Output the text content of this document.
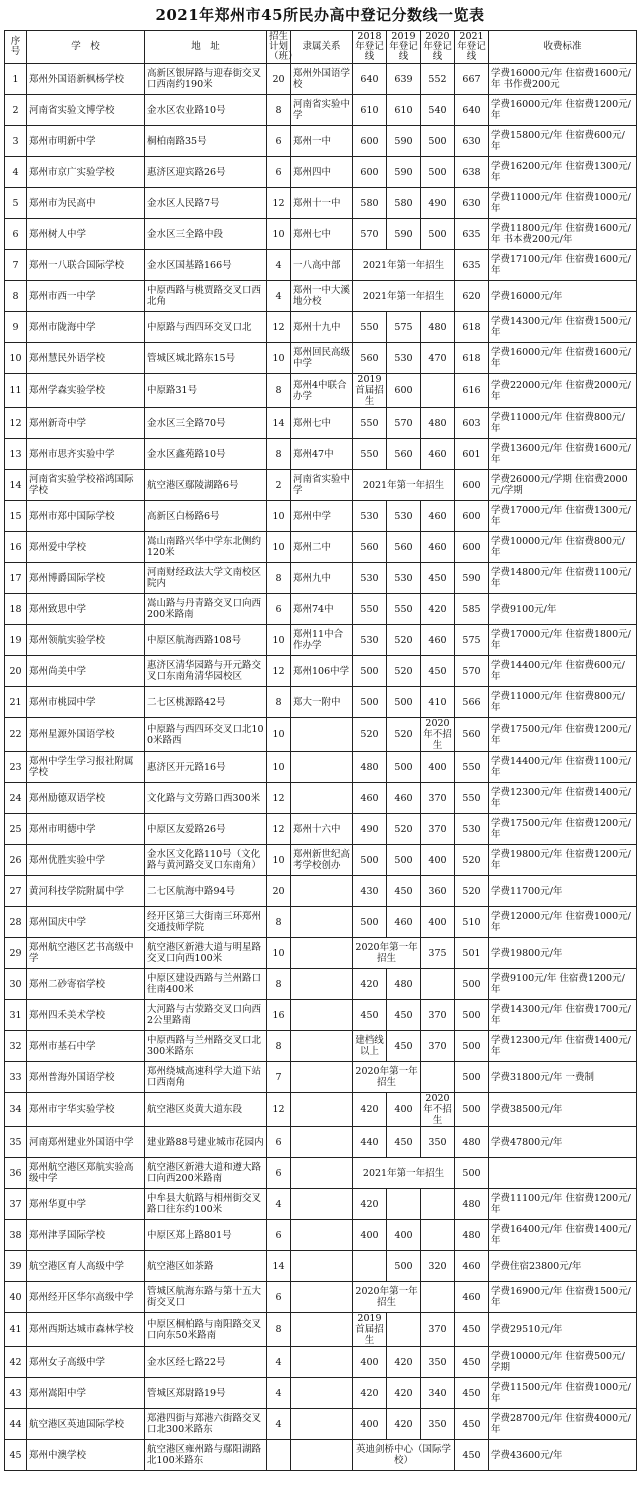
2021年郑州市45所民办高中登记分数线一览表
序号	学　校	地　址	招生计划（班）	隶属关系	2018年登记线	2019年登记线	2020年登记线	2021年登记线	收费标准
1	郑州外国语新枫杨学校	高新区银屏路与迎春街交叉口西南约190米	20	郑州外国语学校	640	639	552	667	学费16000元/年 住宿费1600元/年 书作费200元
2	河南省实验文博学校	金水区农业路10号	8	河南省实验中学	610	610	540	640	学费16000元/年 住宿费1200元/年
3	郑州市明新中学	桐柏南路35号	6	郑州一中	600	590	500	630	学费15800元/年 住宿费600元/年
4	郑州市京广实验学校	惠济区迎宾路26号	6	郑州四中	600	590	500	638	学费16200元/年 住宿费1300元/年
5	郑州市为民高中	金水区人民路7号	12	郑州十一中	580	580	490	630	学费11000元/年 住宿费1000元/年
6	郑州树人中学	金水区三全路中段	10	郑州七中	570	590	500	635	学费11800元/年 住宿费1600元/年 书本费200元/年
7	郑州一八联合国际学校	金水区国基路166号	4	一八高中部	2021年第一年招生			635	学费17100元/年 住宿费1600元/年
8	郑州市西一中学	中原西路与桃贾路交叉口西北角	4	郑州一中大溪地分校	2021年第一年招生			620	学费16000元/年
9	郑州市陇海中学	中原路与西四环交叉口北	12	郑州十九中	550	575	480	618	学费14300元/年 住宿费1500元/年
10	郑州慧民外语学校	管城区城北路东15号	10	郑州回民高级中学	560	530	470	618	学费16000元/年 住宿费1600元/年
11	郑州学森实验学校	中原路31号	8	郑州4中联合办学	2019首届招生	600		616	学费22000元/年 住宿费2000元/年
12	郑州新奇中学	金水区三全路70号	14	郑州七中	550	570	480	603	学费11000元/年 住宿费800元/年
13	郑州市思齐实验中学	金水区鑫苑路10号	8	郑州47中	550	560	460	601	学费13600元/年 住宿费1600元/年
14	河南省实验学校裕鸿国际学校	航空港区鄢陵湖路6号	2	河南省实验中学	2021年第一年招生			600	学费26000元/学期 住宿费2000元/学期
15	郑州市郑中国际学校	高新区白杨路6号	10	郑州中学	530	530	460	600	学费17000元/年 住宿费1300元/年
16	郑州爱中学校	嵩山南路兴华中学东北侧约120米	10	郑州二中	560	560	460	600	学费10000元/年 住宿费800元/年
17	郑州博爵国际学校	河南财经政法大学文南校区院内	8	郑州九中	530	530	450	590	学费14800元/年 住宿费1100元/年
18	郑州致思中学	嵩山路与丹青路交叉口向西200米路南	6	郑州74中	550	550	420	585	学费9100元/年
19	郑州领航实验学校	中原区航海西路108号	10	郑州11中合作办学	530	520	460	575	学费17000元/年 住宿费1800元/年
20	郑州尚美中学	惠济区清华园路与开元路交叉口东南角清华园校区	12	郑州106中学	500	520	450	570	学费14400元/年 住宿费600元/年
21	郑州市桃园中学	二七区桃源路42号	8	郑大一附中	500	500	410	566	学费11000元/年 住宿费800元/年
22	郑州星源外国语学校	中原路与西四环交叉口北100米路西	10		520	520	2020年不招生	560	学费17500元/年 住宿费1200元/年
23	郑州中学生学习报社附属学校	惠济区开元路16号	10		480	500	400	550	学费14400元/年 住宿费1100元/年
24	郑州励德双语学校	文化路与文劳路口西300米	12		460	460	370	550	学费12300元/年 住宿费1400元/年
25	郑州市明德中学	中原区友爱路26号	12	郑州十六中	490	520	370	530	学费17500元/年 住宿费1200元/年
26	郑州优胜实验中学	金水区文化路110号（文化路与黄河路交叉口东南角）	10	郑州新世纪高考学校创办	500	500	400	520	学费19800元/年 住宿费1200元/年
27	黄河科技学院附属中学	二七区航海中路94号	20		430	450	360	520	学费11700元/年
28	郑州国庆中学	经开区第三大街南三环郑州交通技师学院	8		500	460	400	510	学费12000元/年 住宿费1000元/年
29	郑州航空港区艺书高级中学	航空港区新港大道与明星路交叉口向西100米	10		2020年第一年招生		375	501	学费19800元/年
30	郑州二砂寄宿学校	中原区建设西路与兰州路口往南400米	8		420	480		500	学费9100元/年 住宿费1200元/年
31	郑州四禾美术学校	大河路与古荥路交叉口向西2公里路南	16		450	450	370	500	学费14300元/年 住宿费1700元/年
32	郑州市基石中学	中原西路与兰州路交叉口北300米路东	8		建档线以上	450	370	500	学费12300元/年 住宿费1400元/年
33	郑州普海外国语学校	郑州绕城高速科学大道下站口西南角	7		2020年第一年招生			500	学费31800元/年 一费制
34	郑州市宇华实验学校	航空港区炎黄大道东段	12		420	400	2020年不招生	500	学费38500元/年
35	河南郑州建业外国语中学	建业路88号建业城市花园内	6		440	450	350	480	学费47800元/年
36	郑州航空港区郑航实验高级中学	航空港区新港大道和遵大路口向西200米路南	6		2021年第一年招生			500	
37	郑州华夏中学	中牟县大航路与相州街交叉路口往东约100米	4		420			480	学费11100元/年 住宿费1200元/年
38	郑州津孚国际学校	中原区郑上路801号	6		400	400		480	学费16400元/年 住宿费1400元/年
39	航空港区育人高级中学	航空港区如茶路	14			500	320	460	学费住宿23800元/年
40	郑州经开区华尔高级中学	管城区航海东路与第十五大街交叉口	6		2020年第一年招生			460	学费16900元/年 住宿费1500元/年
41	郑州西斯达城市森林学校	中原区桐柏路与南阳路交叉口向东50米路南	8		2019首届招生		370	450	学费29510元/年
42	郑州女子高级中学	金水区经七路22号	4		400	420	350	450	学费10000元/年 住宿费500元/学期
43	郑州嵩阳中学	管城区郑尉路19号	4		420	420	340	450	学费11500元/年 住宿费1000元/年
44	航空港区英迪国际学校	郑港四街与郑港六街路交叉口北300米路东	4		400	420	350	450	学费28700元/年 住宿费4000元/年
45	郑州中澳学校	航空港区雍州路与鄢阳湖路北100米路东			英迪剑桥中心（国际学校）			450	学费43600元/年
